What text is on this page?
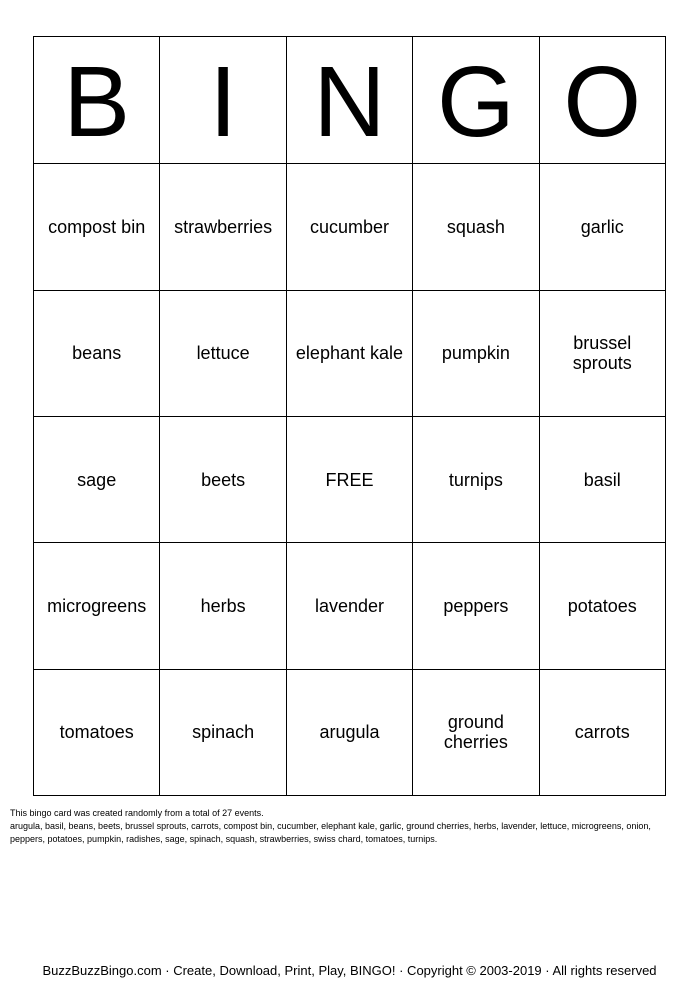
B	I	N	G	O
compost bin	strawberries	cucumber	squash	garlic
beans	lettuce	elephant kale	pumpkin	brussel sprouts
sage	beets	FREE	turnips	basil
microgreens	herbs	lavender	peppers	potatoes
tomatoes	spinach	arugula	ground cherries	carrots

This bingo card was created randomly from a total of 27 events.

arugula, basil, beans, beets, brussel sprouts, carrots, compost bin, cucumber, elephant kale, garlic, ground cherries, herbs, lavender, lettuce, microgreens, onion, peppers, potatoes, pumpkin, radishes, sage, spinach, squash, strawberries, swiss chard, tomatoes, turnips.

BuzzBuzzBingo.com · Create, Download, Print, Play, BINGO! · Copyright © 2003-2019 · All rights reserved
